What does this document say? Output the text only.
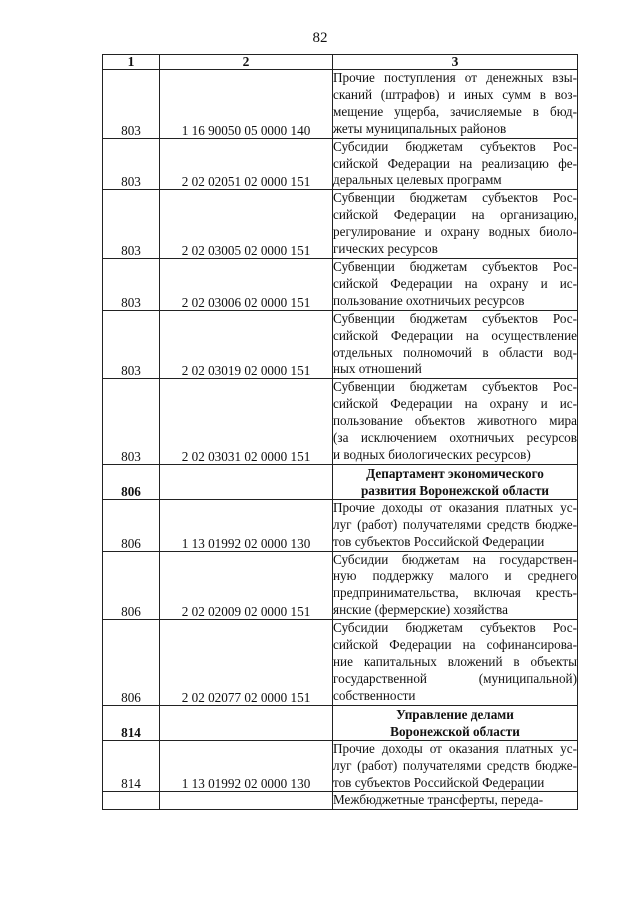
82
1	2	3
803	1 16 90050 05 0000 140	Прочие поступления от денежных взы-
сканий (штрафов) и иных сумм в воз-
мещение ущерба, зачисляемые в бюд-
жеты муниципальных районов

803	2 02 02051 02 0000 151	Субсидии бюджетам субъектов Рос-
сийской Федерации на реализацию фе-
деральных целевых программ

803	2 02 03005 02 0000 151	Субвенции бюджетам субъектов Рос-
сийской Федерации на организацию,
регулирование и охрану водных биоло-
гических ресурсов

803	2 02 03006 02 0000 151	Субвенции бюджетам субъектов Рос-
сийской Федерации на охрану и ис-
пользование охотничьих ресурсов

803	2 02 03019 02 0000 151	Субвенции бюджетам субъектов Рос-
сийской Федерации на осуществление
отдельных полномочий в области вод-
ных отношений

803	2 02 03031 02 0000 151	Субвенции бюджетам субъектов Рос-
сийской Федерации на охрану и ис-
пользование объектов животного мира
(за исключением охотничьих ресурсов
и водных биологических ресурсов)

806		Департамент экономического
развития Воронежской области

806	1 13 01992 02 0000 130	Прочие доходы от оказания платных ус-
луг (работ) получателями средств бюдже-
тов субъектов Российской Федерации

806	2 02 02009 02 0000 151	Субсидии бюджетам на государствен-
ную поддержку малого и среднего
предпринимательства, включая кресть-
янские (фермерские) хозяйства

806	2 02 02077 02 0000 151	Субсидии бюджетам субъектов Рос-
сийской Федерации на софинансирова-
ние капитальных вложений в объекты
государственной (муниципальной)
собственности

814		Управление делами
Воронежской области

814	1 13 01992 02 0000 130	Прочие доходы от оказания платных ус-
луг (работ) получателями средств бюдже-
тов субъектов Российской Федерации

		Межбюджетные трансферты, переда-
